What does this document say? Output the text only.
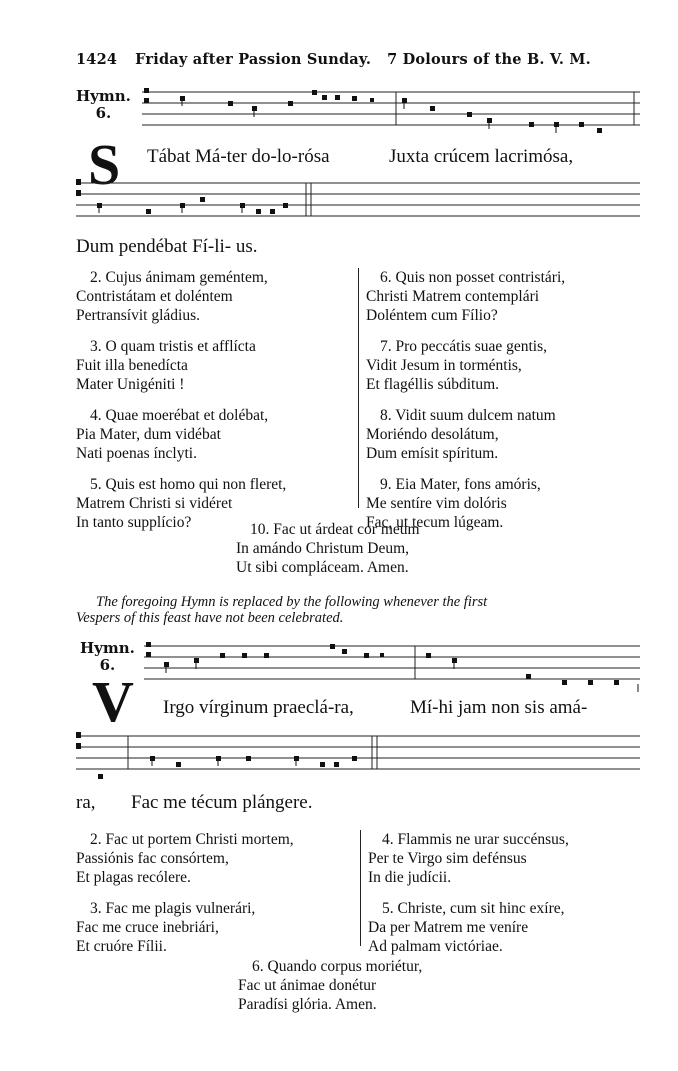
1424 Friday after Passion Sunday. 7 Dolours of the B. V. M.
Hymn.
6.
S Tábat Má-ter do-lo-rósa	Juxta crúcem lacrimósa,
Dum pendébat Fí-li- us.
2. Cujus ánimam geméntem,
Contristátam et doléntem
Pertransívit gládius.
3. O quam tristis et afflícta
Fuit illa benedícta
Mater Unigéniti !
4. Quae moerébat et dolébat,
Pia Mater, dum vidébat
Nati poenas ínclyti.
5. Quis est homo qui non fleret,
Matrem Christi si vidéret
In tanto supplício?
6. Quis non posset contristári,
Christi Matrem contemplári
Doléntem cum Fílio?
7. Pro peccátis suae gentis,
Vidit Jesum in torméntis,
Et flagéllis súbditum.
8. Vidit suum dulcem natum
Moriéndo desolátum,
Dum emísit spíritum.
9. Eia Mater, fons amóris,
Me sentíre vim dolóris
Fac, ut tecum lúgeam.
10. Fac ut árdeat cor meum
In amándo Christum Deum,
Ut sibi compláceam. Amen.
The foregoing Hymn is replaced by the following whenever the first
Vespers of this feast have not been celebrated.
Hymn.
6.
V Irgo vírginum praeclá-ra,	Mí-hi jam non sis amá-
ra, Fac me técum plángere.
2. Fac ut portem Christi mortem,
Passiónis fac consórtem,
Et plagas recólere.
3. Fac me plagis vulnerári,
Fac me cruce inebriári,
Et cruóre Fílii.
4. Flammis ne urar succénsus,
Per te Virgo sim defénsus
In die judícii.
5. Christe, cum sit hinc exíre,
Da per Matrem me veníre
Ad palmam victóriae.
6. Quando corpus moriétur,
Fac ut ánimae donétur
Paradísi glória. Amen.
